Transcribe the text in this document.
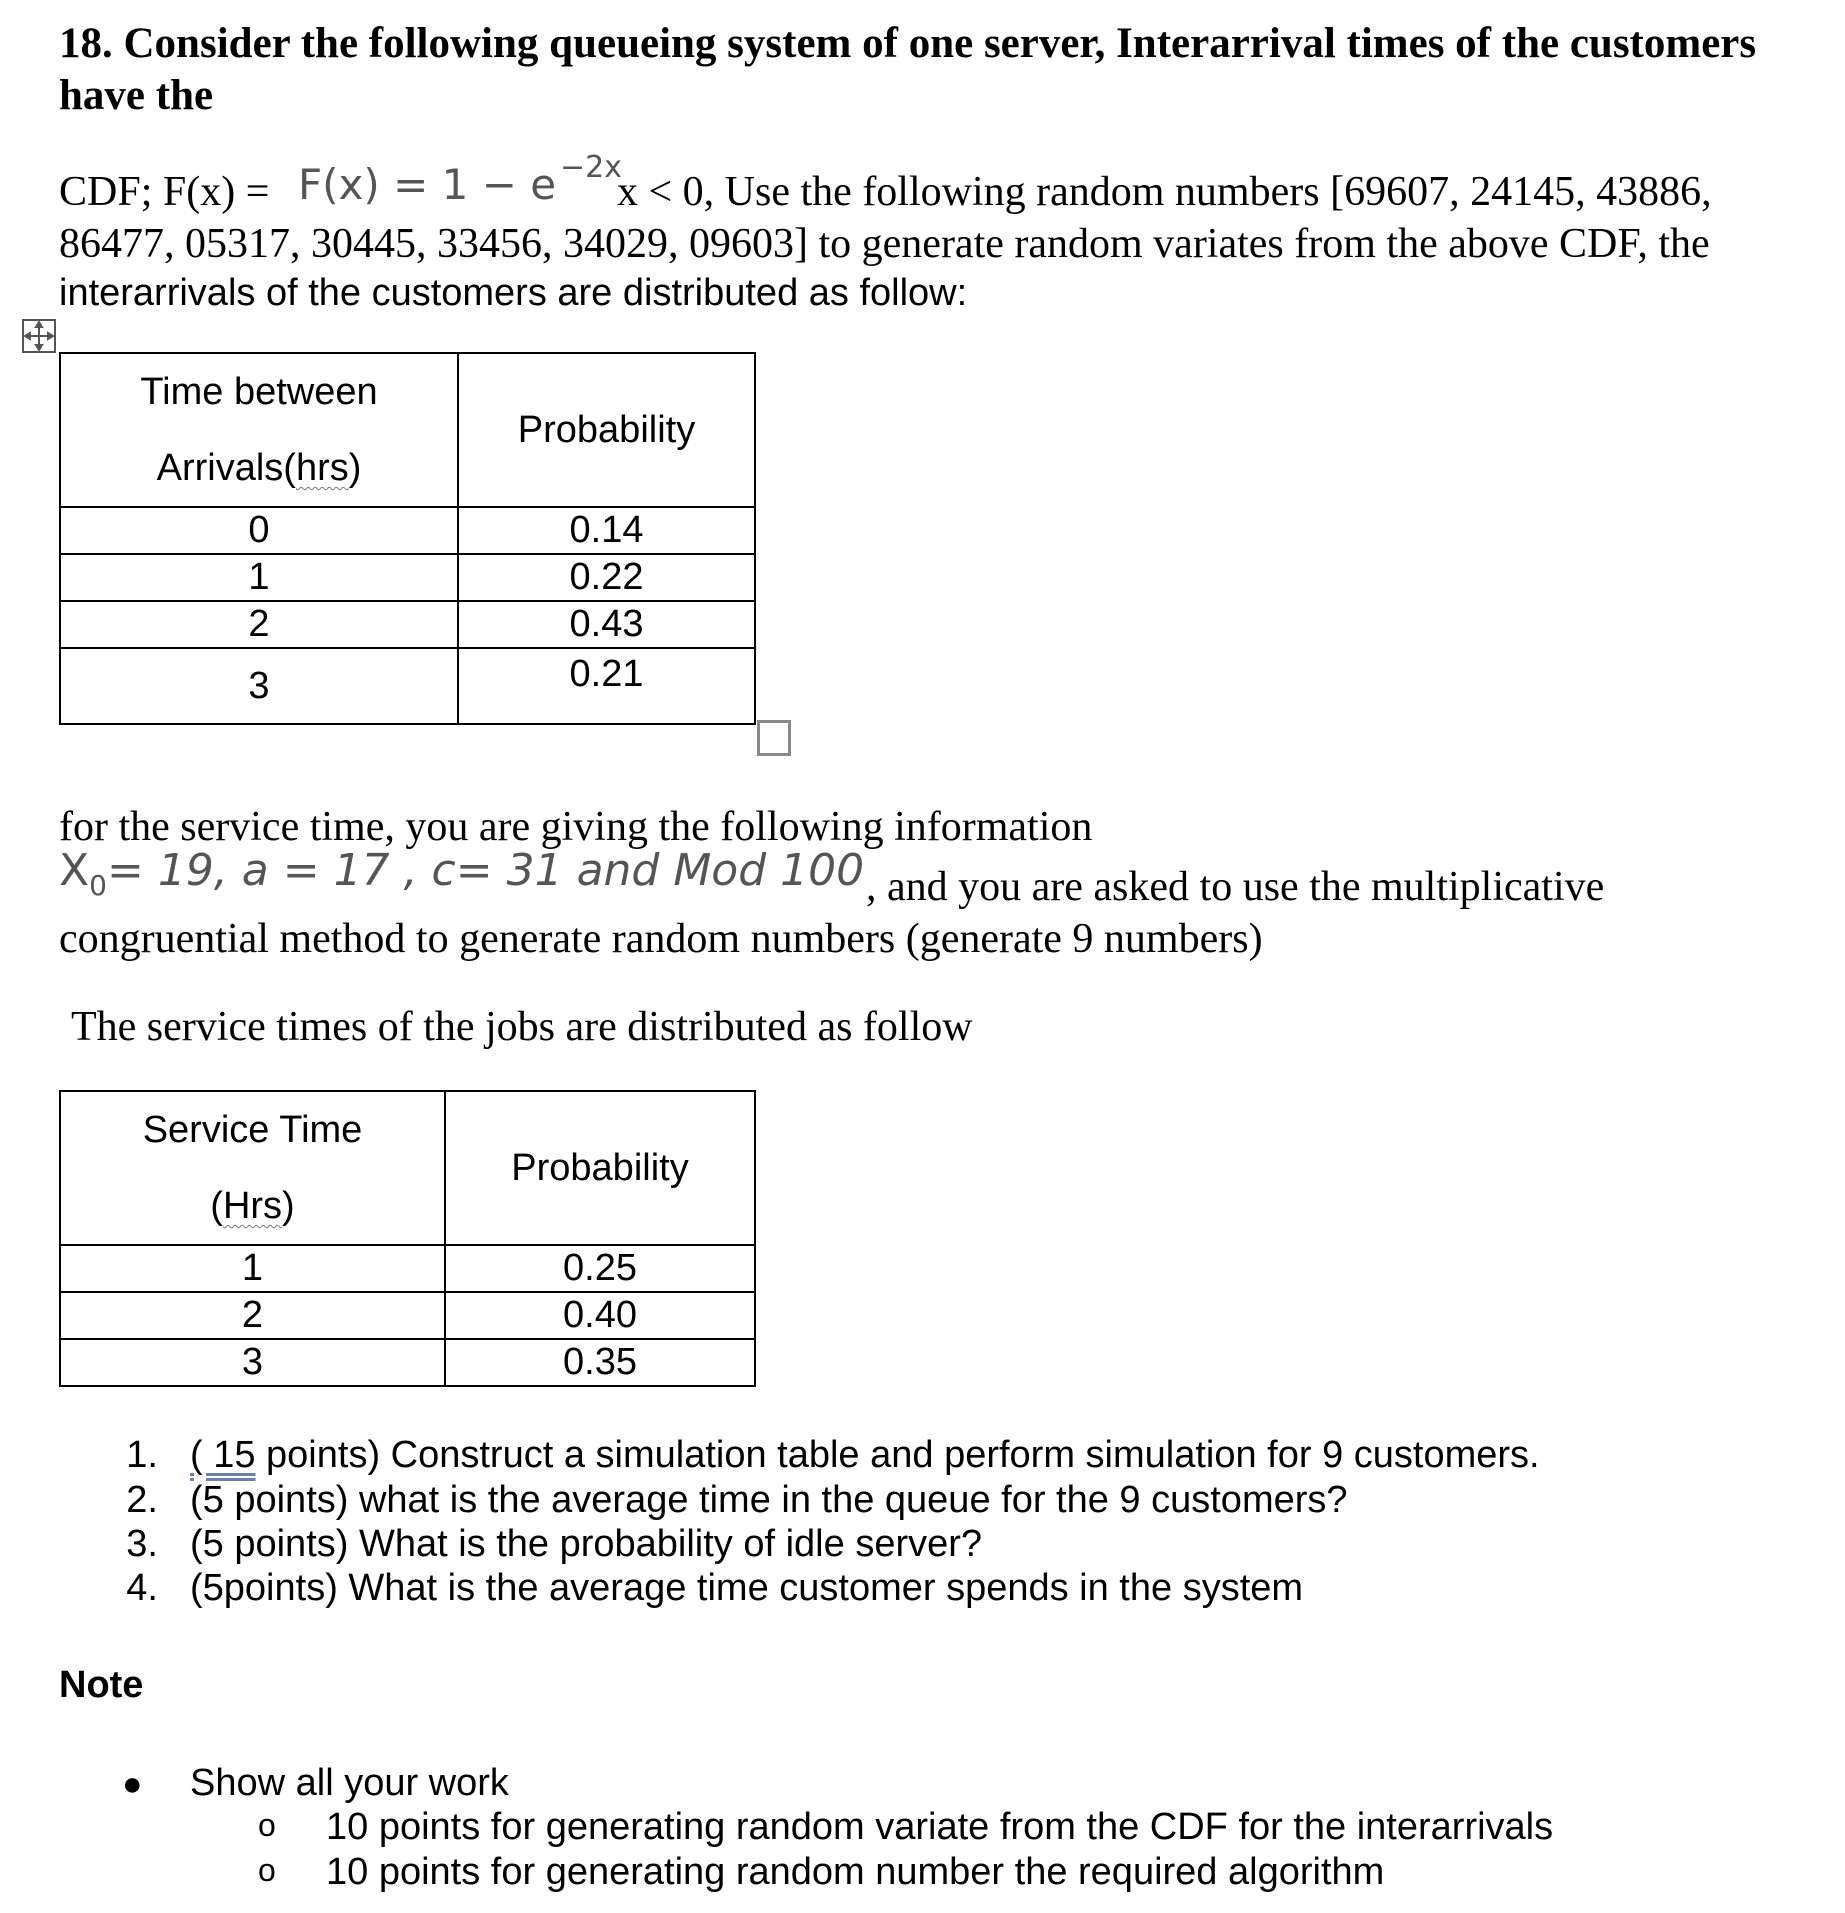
18. Consider the following queueing system of one server, Interarrival times of the customers
have the
CDF; F(x) = F(x) = 1 − e −2x
x < 0, Use the following random numbers [69607, 24145, 43886,
86477, 05317, 30445, 33456, 34029, 09603] to generate random variates from the above CDF, the
interarrivals of the customers are distributed as follow:
Time between
Arrivals(hrs)	Probability
0	0.14
1	0.22
2	0.43
3	0.21
for the service time, you are giving the following information
$X_0= 19$, a = 17 , c= 31 and Mod 100 , and you are asked to use the multiplicative
congruential method to generate random numbers (generate 9 numbers)
The service times of the jobs are distributed as follow
Service Time
(Hrs)	Probability
1	0.25
2	0.40
3	0.35
1. ( 15 points) Construct a simulation table and perform simulation for 9 customers.
2. (5 points) what is the average time in the queue for the 9 customers?
3. (5 points) What is the probability of idle server?
4. (5points) What is the average time customer spends in the system
Note
● Show all your work
o 10 points for generating random variate from the CDF for the interarrivals
o 10 points for generating random number the required algorithm
